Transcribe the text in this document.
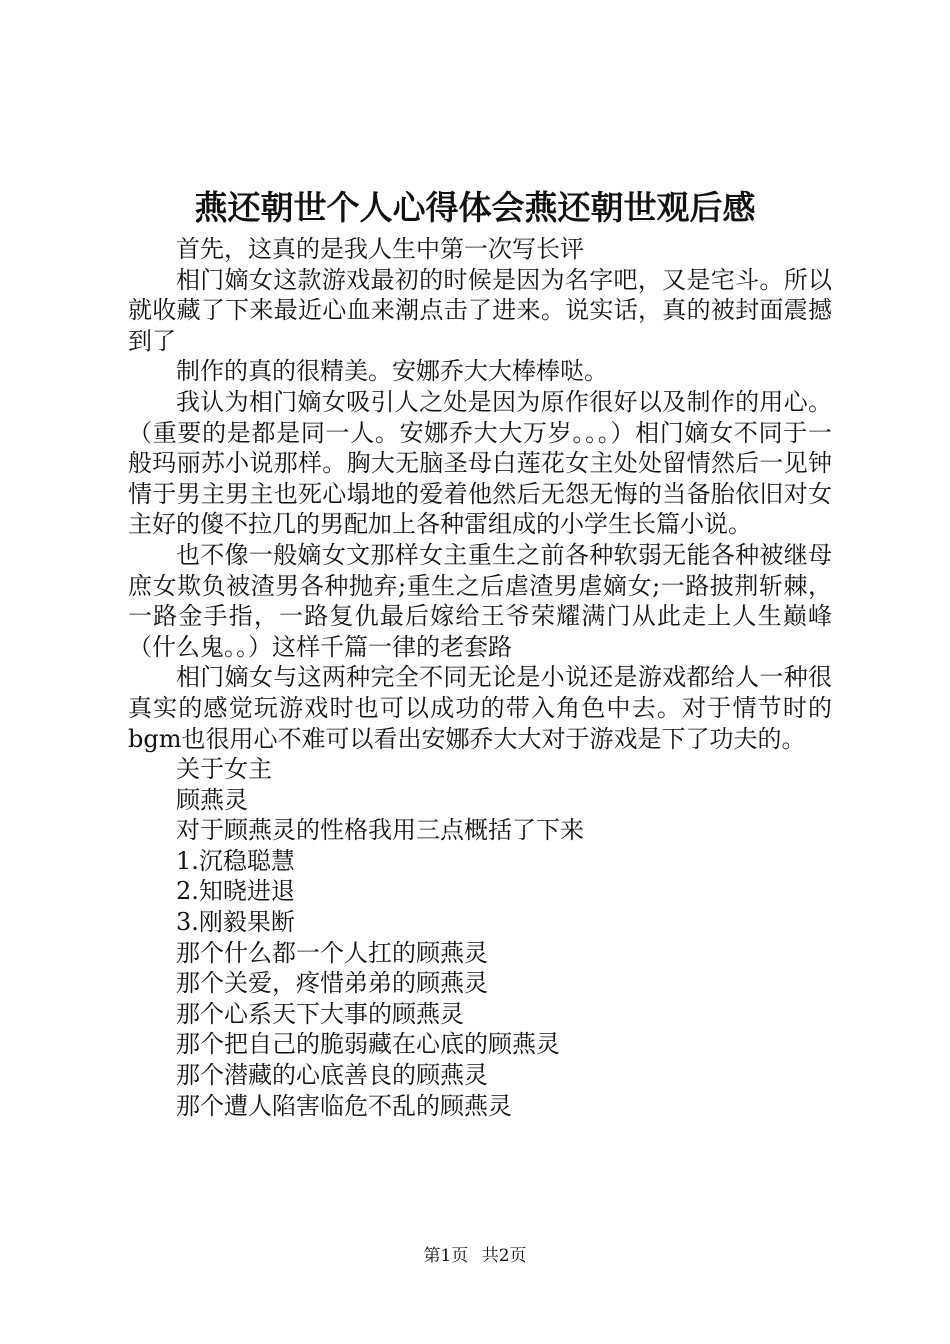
燕还朝世个人心得体会燕还朝世观后感

首先，这真的是我人生中第一次写长评

相门嫡女这款游戏最初的时候是因为名字吧，又是宅斗。所以就收藏了下来最近心血来潮点击了进来。说实话，真的被封面震撼到了

制作的真的很精美。安娜乔大大棒棒哒。

我认为相门嫡女吸引人之处是因为原作很好以及制作的用心。（重要的是都是同一人。安娜乔大大万岁。。。）相门嫡女不同于一般玛丽苏小说那样。胸大无脑圣母白莲花女主处处留情然后一见钟情于男主男主也死心塌地的爱着他然后无怨无悔的当备胎依旧对女主好的傻不拉几的男配加上各种雷组成的小学生长篇小说。

也不像一般嫡女文那样女主重生之前各种软弱无能各种被继母庶女欺负被渣男各种抛弃;重生之后虐渣男虐嫡女;一路披荆斩棘，一路金手指，一路复仇最后嫁给王爷荣耀满门从此走上人生巅峰（什么鬼。。）这样千篇一律的老套路

相门嫡女与这两种完全不同无论是小说还是游戏都给人一种很真实的感觉玩游戏时也可以成功的带入角色中去。对于情节时的bgm也很用心不难可以看出安娜乔大大对于游戏是下了功夫的。

关于女主

顾燕灵

对于顾燕灵的性格我用三点概括了下来

1.沉稳聪慧

2.知晓进退

3.刚毅果断

那个什么都一个人扛的顾燕灵

那个关爱，疼惜弟弟的顾燕灵

那个心系天下大事的顾燕灵

那个把自己的脆弱藏在心底的顾燕灵

那个潜藏的心底善良的顾燕灵

那个遭人陷害临危不乱的顾燕灵

第1页 共2页
